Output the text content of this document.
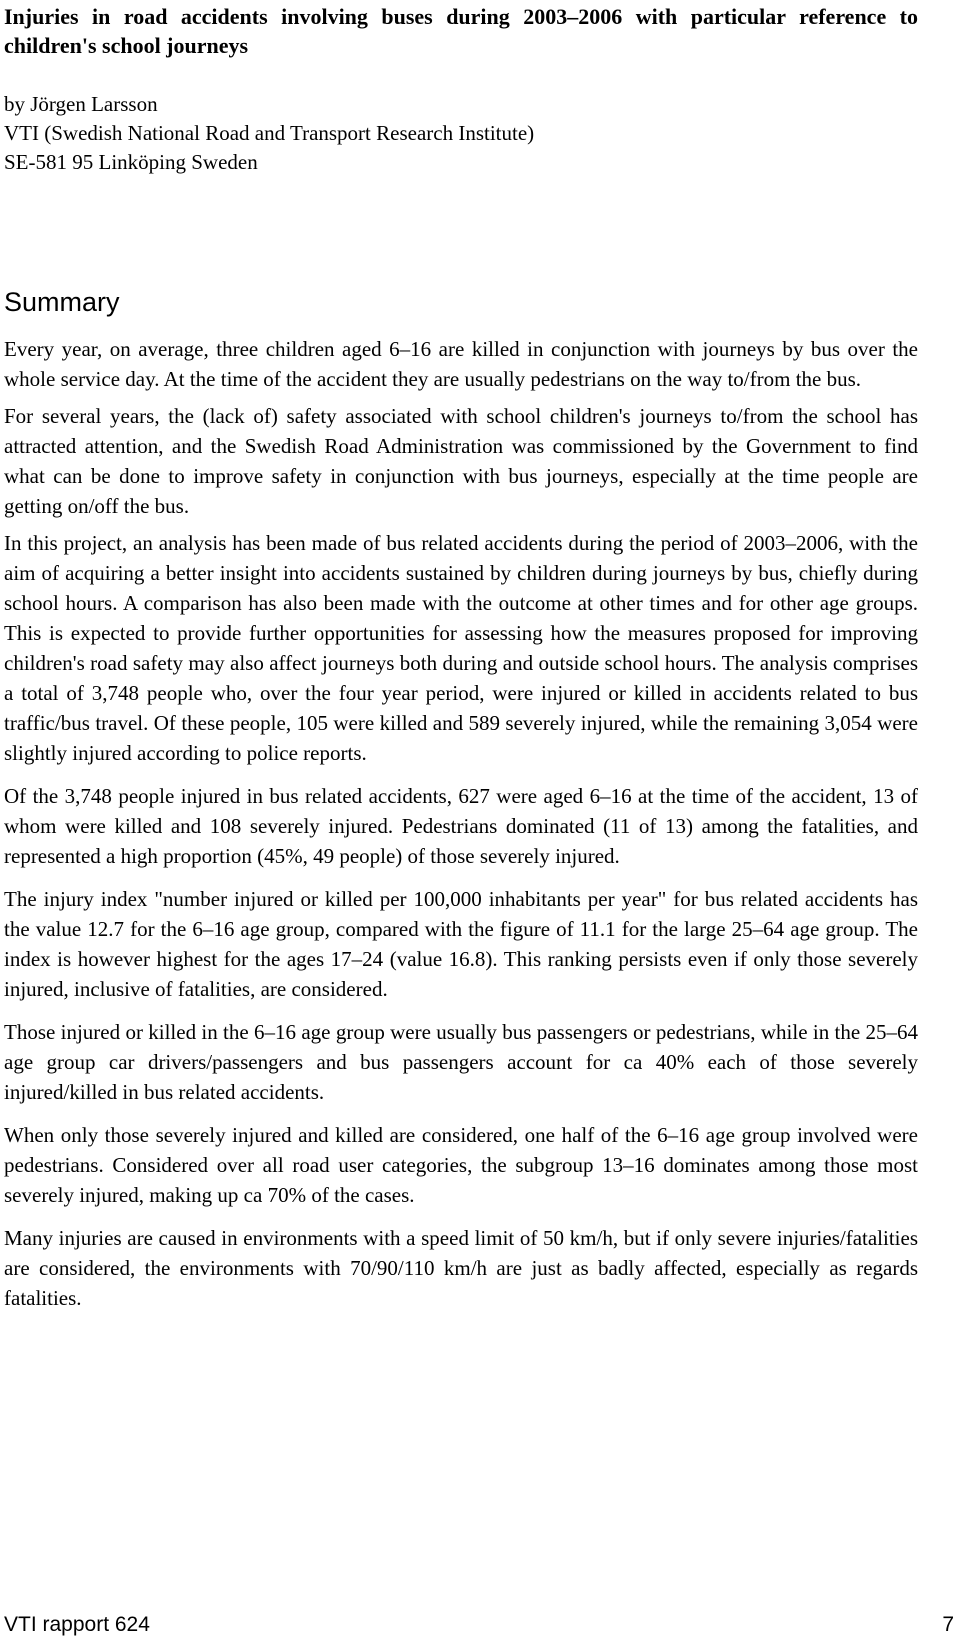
Injuries in road accidents involving buses during 2003–2006 with particular reference to children's school journeys
by Jörgen Larsson
VTI (Swedish National Road and Transport Research Institute)
SE-581 95 Linköping Sweden
Summary

Every year, on average, three children aged 6–16 are killed in conjunction with journeys by bus over the whole service day. At the time of the accident they are usually pedestrians on the way to/from the bus.

For several years, the (lack of) safety associated with school children's journeys to/from the school has attracted attention, and the Swedish Road Administration was commissioned by the Government to find what can be done to improve safety in conjunction with bus journeys, especially at the time people are getting on/off the bus.

In this project, an analysis has been made of bus related accidents during the period of 2003–2006, with the aim of acquiring a better insight into accidents sustained by children during journeys by bus, chiefly during school hours. A comparison has also been made with the outcome at other times and for other age groups. This is expected to provide further opportunities for assessing how the measures proposed for improving children's road safety may also affect journeys both during and outside school hours. The analysis comprises a total of 3,748 people who, over the four year period, were injured or killed in accidents related to bus traffic/bus travel. Of these people, 105 were killed and 589 severely injured, while the remaining 3,054 were slightly injured according to police reports.

Of the 3,748 people injured in bus related accidents, 627 were aged 6–16 at the time of the accident, 13 of whom were killed and 108 severely injured. Pedestrians dominated (11 of 13) among the fatalities, and represented a high proportion (45%, 49 people) of those severely injured.

The injury index "number injured or killed per 100,000 inhabitants per year" for bus related accidents has the value 12.7 for the 6–16 age group, compared with the figure of 11.1 for the large 25–64 age group. The index is however highest for the ages 17–24 (value 16.8). This ranking persists even if only those severely injured, inclusive of fatalities, are considered.

Those injured or killed in the 6–16 age group were usually bus passengers or pedestrians, while in the 25–64 age group car drivers/passengers and bus passengers account for ca 40% each of those severely injured/killed in bus related accidents.

When only those severely injured and killed are considered, one half of the 6–16 age group involved were pedestrians. Considered over all road user categories, the subgroup 13–16 dominates among those most severely injured, making up ca 70% of the cases.

Many injuries are caused in environments with a speed limit of 50 km/h, but if only severe injuries/fatalities are considered, the environments with 70/90/110 km/h are just as badly affected, especially as regards fatalities.

VTI rapport 624	7
